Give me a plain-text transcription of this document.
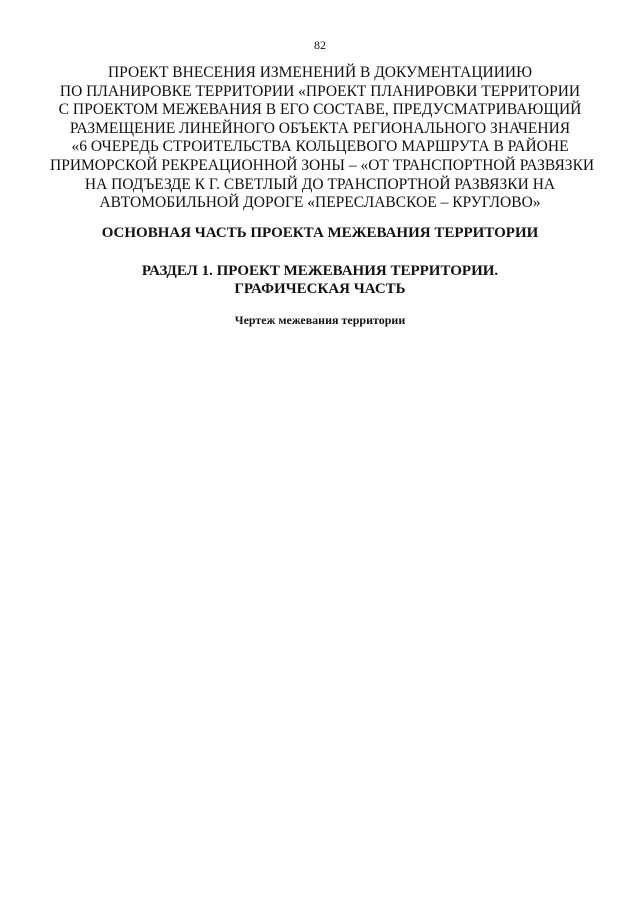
82
ПРОЕКТ ВНЕСЕНИЯ ИЗМЕНЕНИЙ В ДОКУМЕНТАЦИИИЮ
ПО ПЛАНИРОВКЕ ТЕРРИТОРИИ «ПРОЕКТ ПЛАНИРОВКИ ТЕРРИТОРИИ
С ПРОЕКТОМ МЕЖЕВАНИЯ В ЕГО СОСТАВЕ, ПРЕДУСМАТРИВАЮЩИЙ
РАЗМЕЩЕНИЕ ЛИНЕЙНОГО ОБЪЕКТА РЕГИОНАЛЬНОГО ЗНАЧЕНИЯ
«6 ОЧЕРЕДЬ СТРОИТЕЛЬСТВА КОЛЬЦЕВОГО МАРШРУТА В РАЙОНЕ
ПРИМОРСКОЙ РЕКРЕАЦИОННОЙ ЗОНЫ – «ОТ ТРАНСПОРТНОЙ РАЗВЯЗКИ
НА ПОДЪЕЗДЕ К Г. СВЕТЛЫЙ ДО ТРАНСПОРТНОЙ РАЗВЯЗКИ НА
АВТОМОБИЛЬНОЙ ДОРОГЕ «ПЕРЕСЛАВСКОЕ – КРУГЛОВО»
ОСНОВНАЯ ЧАСТЬ ПРОЕКТА МЕЖЕВАНИЯ ТЕРРИТОРИИ
РАЗДЕЛ 1. ПРОЕКТ МЕЖЕВАНИЯ ТЕРРИТОРИИ.
ГРАФИЧЕСКАЯ ЧАСТЬ
Чертеж межевания территории
